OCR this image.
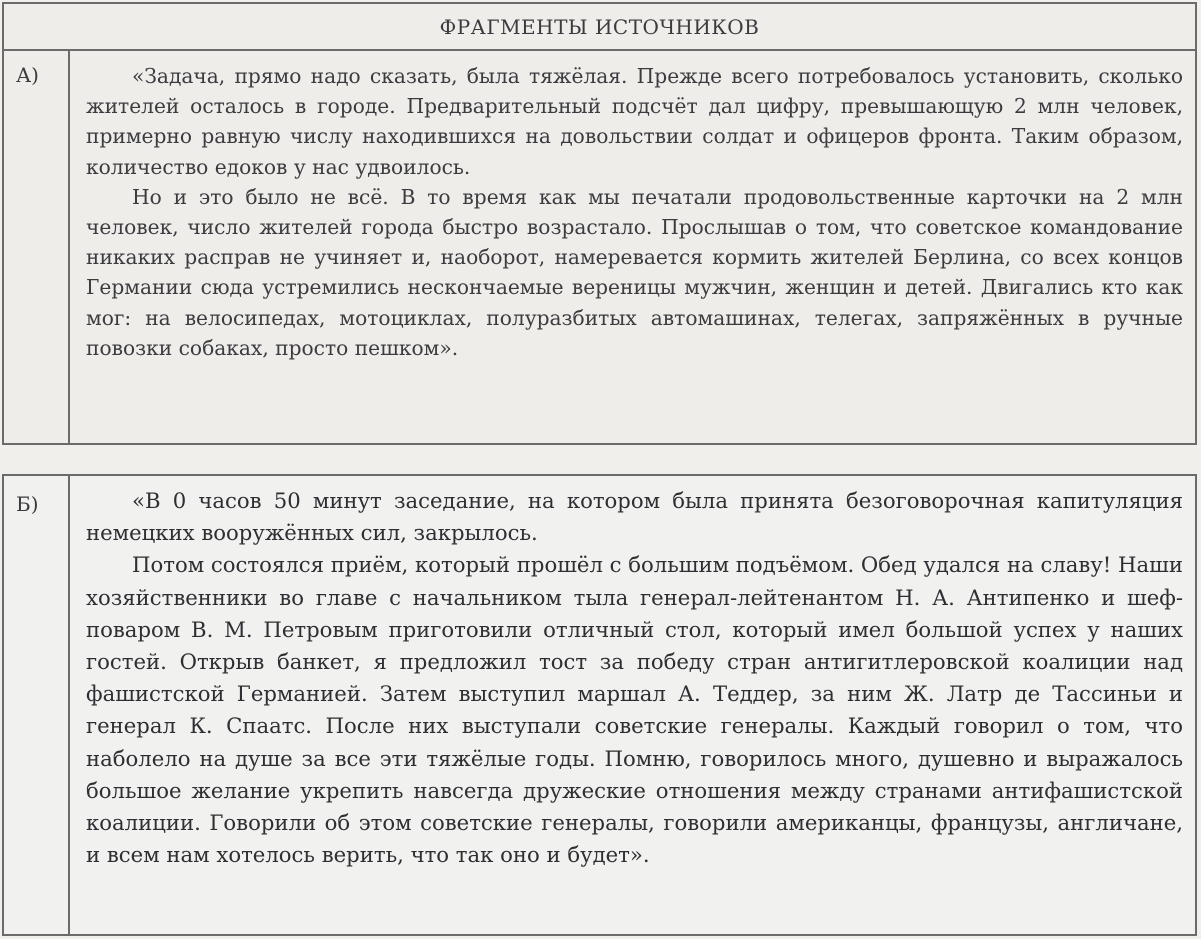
ФРАГМЕНТЫ ИСТОЧНИКОВ
А)	«Задача, прямо надо сказать, была тяжёлая. Прежде всего потребовалось установить, сколько жителей осталось в городе. Предварительный подсчёт дал цифру, превышающую 2 млн человек, примерно равную числу находившихся на довольствии солдат и офицеров фронта. Таким образом, количество едоков у нас удвоилось.

Но и это было не всё. В то время как мы печатали продовольственные карточки на 2 млн человек, число жителей города быстро возрастало. Прослышав о том, что советское командование никаких расправ не учиняет и, наоборот, намеревается кормить жителей Берлина, со всех концов Германии сюда устремились нескончаемые вереницы мужчин, женщин и детей. Двигались кто как мог: на велосипедах, мотоциклах, полуразбитых автомашинах, телегах, запряжённых в ручные повозки собаках, просто пешком».

Б)	«В 0 часов 50 минут заседание, на котором была принята безоговорочная капитуляция немецких вооружённых сил, закрылось.

Потом состоялся приём, который прошёл с большим подъёмом. Обед удался на славу! Наши хозяйственники во главе с начальником тыла генерал-лейтенантом Н. А. Антипенко и шеф-поваром В. М. Петровым приготовили отличный стол, который имел большой успех у наших гостей. Открыв банкет, я предложил тост за победу стран антигитлеровской коалиции над фашистской Германией. Затем выступил маршал А. Теддер, за ним Ж. Латр де Тассиньи и генерал К. Спаатс. После них выступали советские генералы. Каждый говорил о том, что наболело на душе за все эти тяжёлые годы. Помню, говорилось много, душевно и выражалось большое желание укрепить навсегда дружеские отношения между странами антифашистской коалиции. Говорили об этом советские генералы, говорили американцы, французы, англичане, и всем нам хотелось верить, что так оно и будет».
